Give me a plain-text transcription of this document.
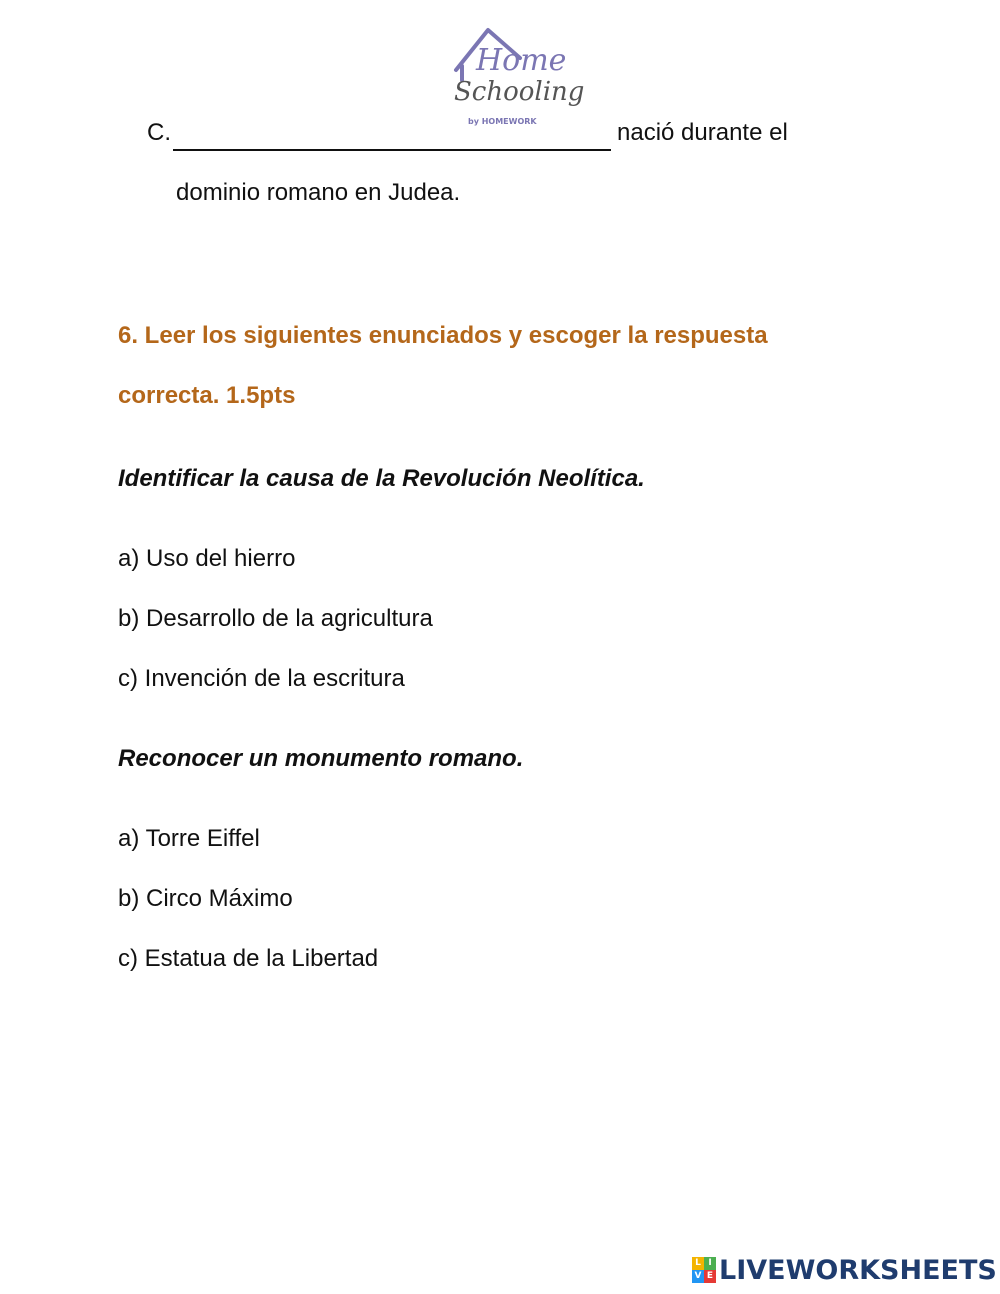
Home
Schooling
by HOMEWORK
C.	nació durante el
dominio romano en Judea.
6. Leer los siguientes enunciados y escoger la respuesta
correcta. 1.5pts
Identificar la causa de la Revolución Neolítica.
a) Uso del hierro
b) Desarrollo de la agricultura
c) Invención de la escritura
Reconocer un monumento romano.
a) Torre Eiffel
b) Circo Máximo
c) Estatua de la Libertad
L I
V E LIVEWORKSHEETS
